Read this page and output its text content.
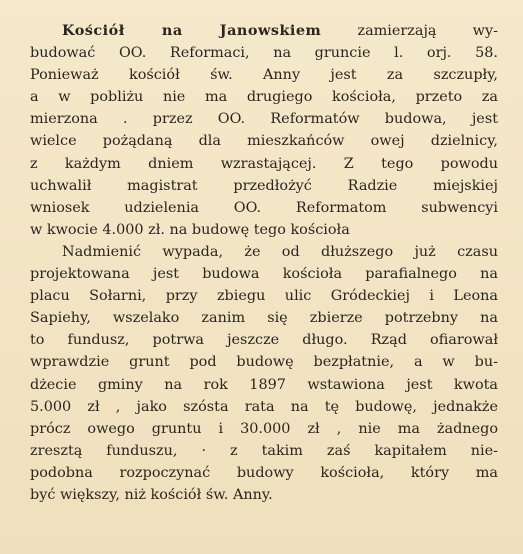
Kościół na Janowskiem	zamierzają wy-
budować OO. Reformaci, na gruncie l. orj. 58.
Ponieważ kościół św. Anny jest za szczupły,
a w pobliżu nie ma drugiego kościoła, przeto za
mierzona . przez OO. Reformatów budowa, jest
wielce pożądaną dla mieszkańców owej dzielnicy,
z każdym dniem wzrastającej. Z tego powodu
uchwalił magistrat przedłożyć Radzie miejskiej
wniosek udzielenia OO. Reformatom subwencyi
w kwocie 4.000 zł. na budowę tego kościoła
Nadmienić wypada, że od dłuższego już czasu
projektowana jest budowa kościoła parafialnego na
placu Sołarni, przy zbiegu ulic Gródeckiej i Leona
Sapiehy, wszelako zanim się zbierze potrzebny na
to fundusz, potrwa jeszcze długo. Rząd ofiarował
wprawdzie grunt pod budowę bezpłatnie, a w bu-
dżecie gminy na rok 1897 wstawiona jest kwota
5.000 zł , jako szósta rata na tę budowę, jednakże
prócz owego gruntu i 30.000 zł , nie ma żadnego
zresztą funduszu, · z takim zaś kapitałem nie-
podobna rozpoczynać budowy kościoła, który ma
być większy, niż kościół św. Anny.
